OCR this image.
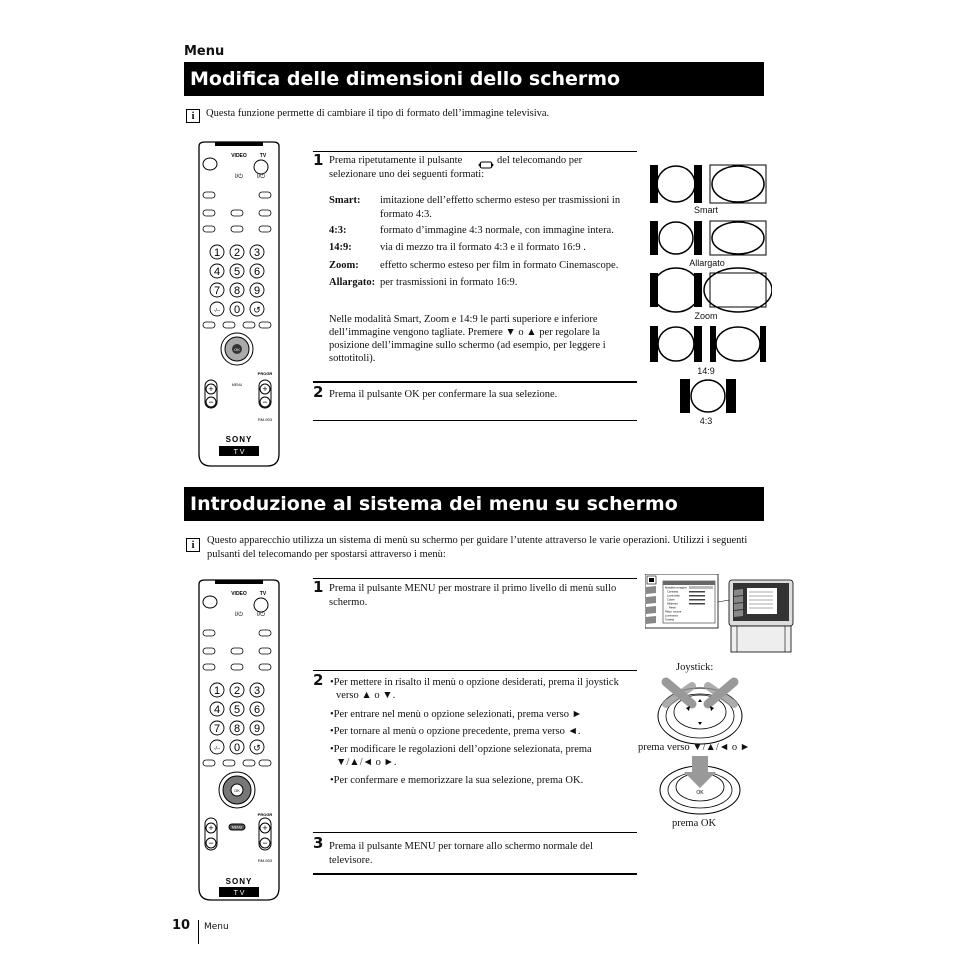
Menu
Modifica delle dimensioni dello schermo
i	Questa funzione permette di cambiare il tipo di formato dell’immagine televisiva.
VIDEO	TV
I/⏻ I/⏻
1 2 3
4 5 6
7 8 9
-/-- 0 ↺
OK
PROGR
MENU
+
−
+
−
RM-903
SONY
T V
1 Prema ripetutamente il pulsante	del telecomando per
selezionare uno dei seguenti formati:
Smart: imitazione dell’effetto schermo esteso per trasmissioni in
formato 4:3.
4:3:	formato d’immagine 4:3 normale, con immagine intera.
14:9:	via di mezzo tra il formato 4:3 e il formato 16:9 .
Zoom: effetto schermo esteso per film in formato Cinemascope.
Allargato: per trasmissioni in formato 16:9.
Nelle modalità Smart, Zoom e 14:9 le parti superiore e inferiore
dell’immagine vengono tagliate. Premere ▼ o ▲ per regolare la
posizione dell’immagine sullo schermo (ad esempio, per leggere i
sottotitoli).
2 Prema il pulsante OK per confermare la sua selezione.
Smart
Allargato
Zoom
14:9
4:3
Introduzione al sistema dei menu su schermo
i	Questo apparecchio utilizza un sistema di menù su schermo per guidare l’utente attraverso le varie operazioni. Utilizzi i seguenti
pulsanti del telecomando per spostarsi attraverso i menù:
VIDEO	TV
I/⏻ I/⏻
1 2 3
4 5 6
7 8 9
-/-- 0 ↺
OK
PROGR
MENU
+
−
+
−
RM-903
SONY
T V
1 Prema il pulsante MENU per mostrare il primo livello di menù sullo
schermo.
Modalità immagine
Contrasto
Luminosità
Colore
Nitidezza
Reset
Riduz. rumore
Luminanza
Tonalità
2 •Per mettere in risalto il menù o opzione desiderati, prema il joystick
verso ▲ o ▼.
•Per entrare nel menù o opzione selezionati, prema verso ►
•Per tornare al menù o opzione precedente, prema verso ◄.
•Per modificare le regolazioni dell’opzione selezionata, prema
▼/▲/◄ o ►.
•Per confermare e memorizzare la sua selezione, prema OK.
Joystick:
prema verso ▼/▲/◄ o ►
OK
prema OK
3 Prema il pulsante MENU per tornare allo schermo normale del
televisore.
10 Menu
